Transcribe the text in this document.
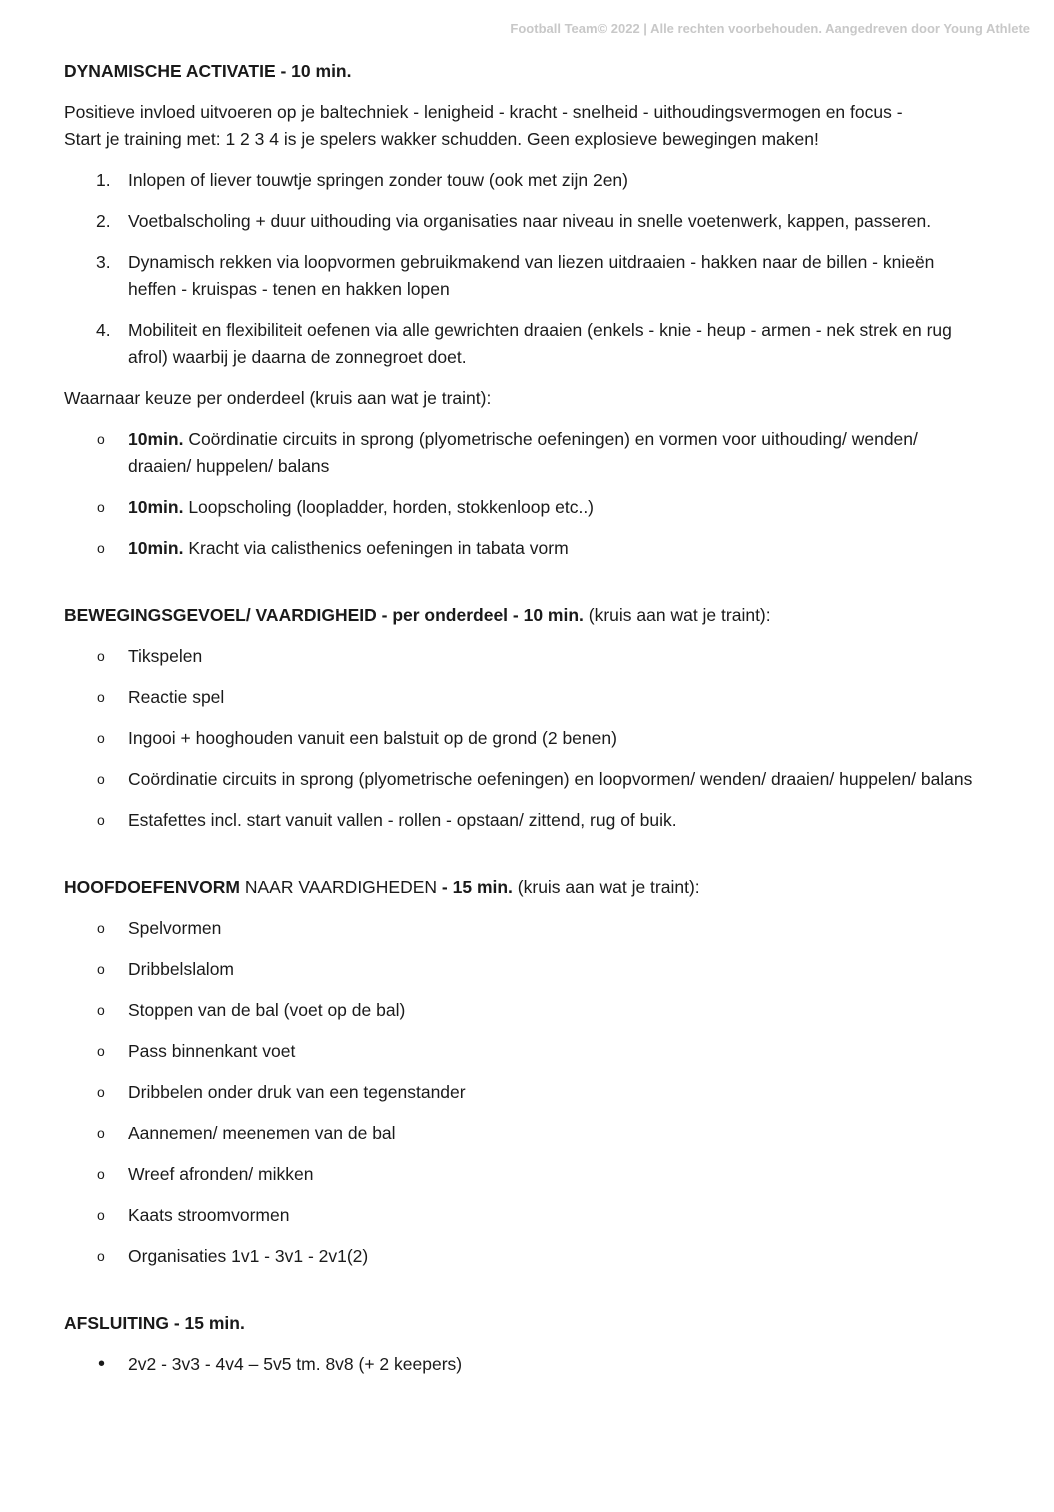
Football Team© 2022 | Alle rechten voorbehouden. Aangedreven door Young Athlete

DYNAMISCHE ACTIVATIE - 10 min.

Positieve invloed uitvoeren op je baltechniek - lenigheid - kracht - snelheid - uithoudingsvermogen en focus -
Start je training met: 1 2 3 4 is je spelers wakker schudden. Geen explosieve bewegingen maken!

1. Inlopen of liever touwtje springen zonder touw (ook met zijn 2en)
2. Voetbalscholing + duur uithouding via organisaties naar niveau in snelle voetenwerk, kappen, passeren.
3. Dynamisch rekken via loopvormen gebruikmakend van liezen uitdraaien - hakken naar de billen - knieën heffen - kruispas - tenen en hakken lopen
4. Mobiliteit en flexibiliteit oefenen via alle gewrichten draaien (enkels - knie - heup - armen - nek strek en rug afrol) waarbij je daarna de zonnegroet doet.

Waarnaar keuze per onderdeel (kruis aan wat je traint):

o	10min. Coördinatie circuits in sprong (plyometrische oefeningen) en vormen voor uithouding/ wenden/ draaien/ huppelen/ balans
o	10min. Loopscholing (loopladder, horden, stokkenloop etc..)
o	10min. Kracht via calisthenics oefeningen in tabata vorm

BEWEGINGSGEVOEL/ VAARDIGHEID - per onderdeel - 10 min. (kruis aan wat je traint):

o	Tikspelen
o	Reactie spel
o	Ingooi + hooghouden vanuit een balstuit op de grond (2 benen)
o	Coördinatie circuits in sprong (plyometrische oefeningen) en loopvormen/ wenden/ draaien/ huppelen/ balans
o	Estafettes incl. start vanuit vallen - rollen - opstaan/ zittend, rug of buik.

HOOFDOEFENVORM NAAR VAARDIGHEDEN - 15 min. (kruis aan wat je traint):

o	Spelvormen
o	Dribbelslalom
o	Stoppen van de bal (voet op de bal)
o	Pass binnenkant voet
o	Dribbelen onder druk van een tegenstander
o	Aannemen/ meenemen van de bal
o	Wreef afronden/ mikken
o	Kaats stroomvormen
o	Organisaties 1v1 - 3v1 - 2v1(2)

AFSLUITING - 15 min.

•	2v2 - 3v3 - 4v4 – 5v5 tm. 8v8 (+ 2 keepers)
